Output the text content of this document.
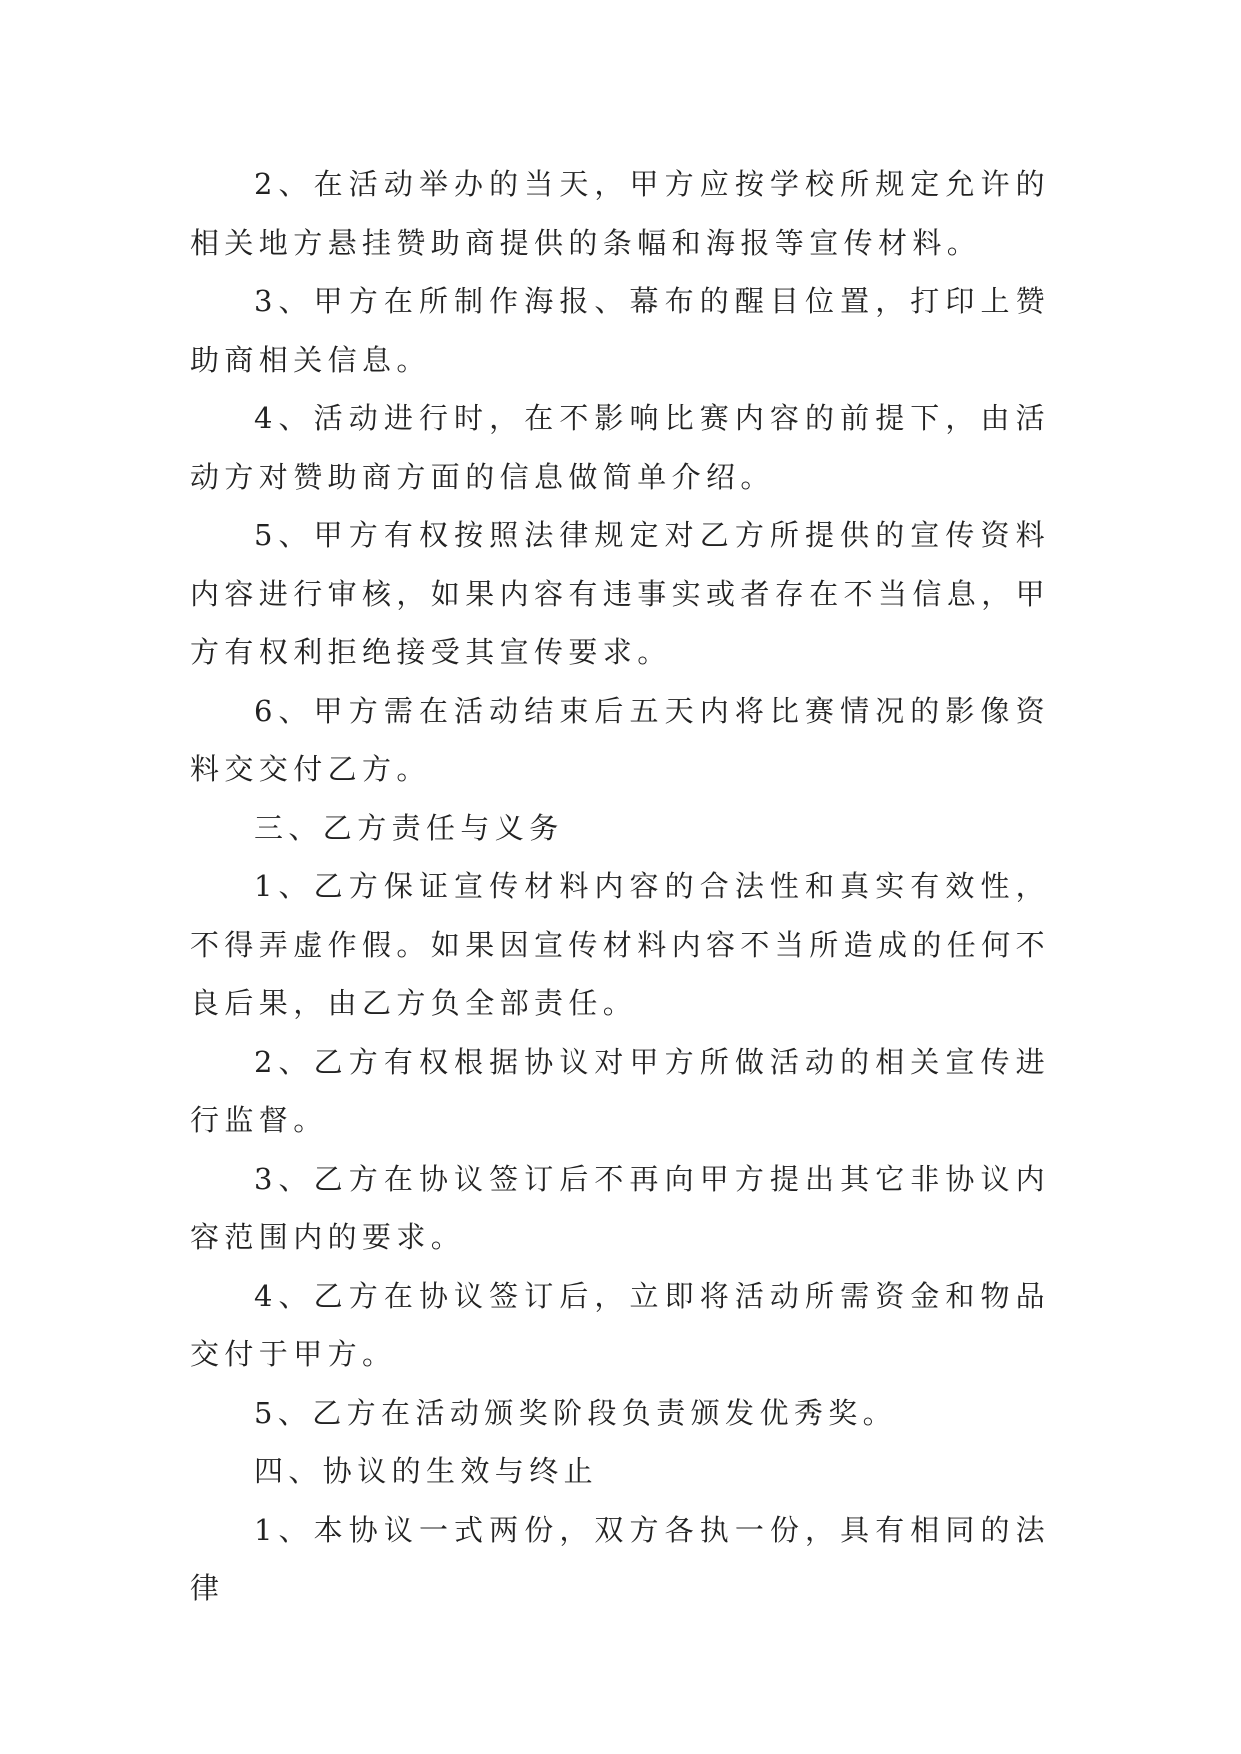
2、在活动举办的当天，甲方应按学校所规定允许的相关地方悬挂赞助商提供的条幅和海报等宣传材料。

3、甲方在所制作海报、幕布的醒目位置，打印上赞助商相关信息。

4、活动进行时，在不影响比赛内容的前提下，由活动方对赞助商方面的信息做简单介绍。

5、甲方有权按照法律规定对乙方所提供的宣传资料内容进行审核，如果内容有违事实或者存在不当信息，甲方有权利拒绝接受其宣传要求。

6、甲方需在活动结束后五天内将比赛情况的影像资料交交付乙方。

三、乙方责任与义务

1、乙方保证宣传材料内容的合法性和真实有效性，不得弄虚作假。如果因宣传材料内容不当所造成的任何不良后果，由乙方负全部责任。

2、乙方有权根据协议对甲方所做活动的相关宣传进行监督。

3、乙方在协议签订后不再向甲方提出其它非协议内容范围内的要求。

4、乙方在协议签订后，立即将活动所需资金和物品交付于甲方。

5、乙方在活动颁奖阶段负责颁发优秀奖。

四、协议的生效与终止

1、本协议一式两份，双方各执一份，具有相同的法律
